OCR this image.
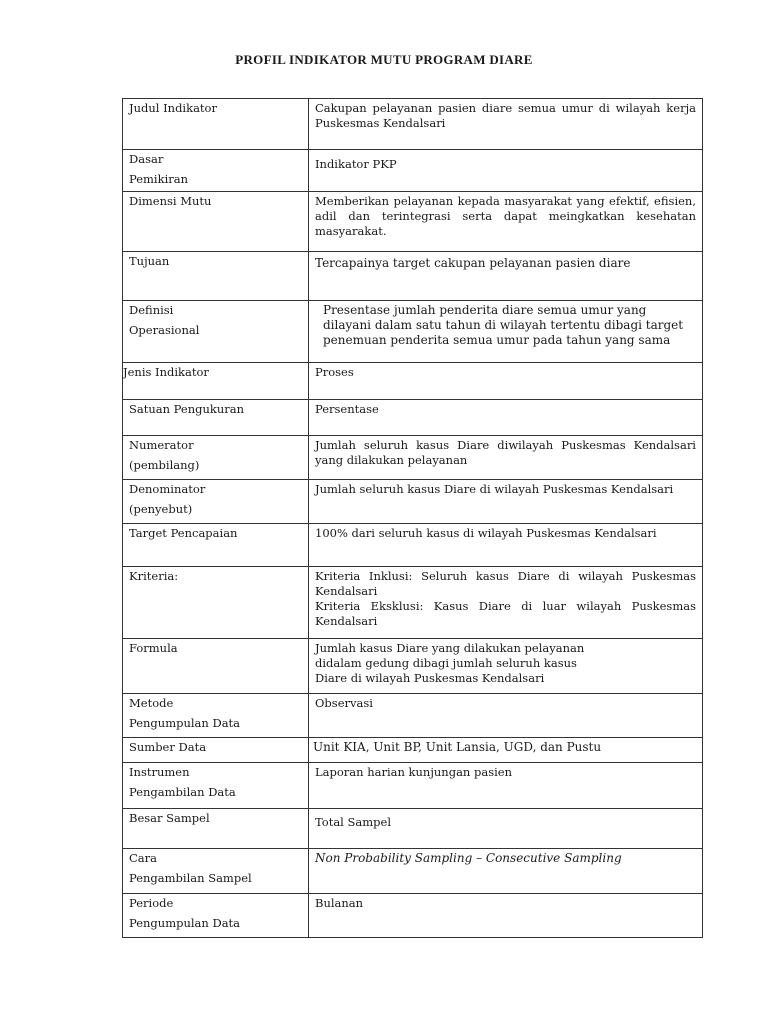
PROFIL INDIKATOR MUTU PROGRAM DIARE
Judul Indikator	Cakupan pelayanan pasien diare semua umur di wilayah kerja Puskesmas Kendalsari

Dasar
Pemikiran	Indikator PKP

Dimensi Mutu	Memberikan pelayanan kepada masyarakat yang efektif, efisien, adil dan terintegrasi serta dapat meingkatkan kesehatan masyarakat.

Tujuan	Tercapainya target cakupan pelayanan pasien diare

Definisi
Operasional	Presentase jumlah penderita diare semua umur yang dilayani dalam satu tahun di wilayah tertentu dibagi target penemuan penderita semua umur pada tahun yang sama

Jenis Indikator	Proses

Satuan Pengukuran	Persentase

Numerator
(pembilang)	Jumlah seluruh kasus Diare diwilayah Puskesmas Kendalsari yang dilakukan pelayanan

Denominator
(penyebut)	Jumlah seluruh kasus Diare di wilayah Puskesmas Kendalsari

Target Pencapaian	100% dari seluruh kasus di wilayah Puskesmas Kendalsari

Kriteria:	Kriteria Inklusi: Seluruh kasus Diare di wilayah Puskesmas Kendalsari
Kriteria Eksklusi: Kasus Diare di luar wilayah Puskesmas Kendalsari

Formula	Jumlah kasus Diare yang dilakukan pelayanan
didalam gedung dibagi jumlah seluruh kasus
Diare di wilayah Puskesmas Kendalsari

Metode
Pengumpulan Data	Observasi

Sumber Data	Unit KIA, Unit BP, Unit Lansia, UGD, dan Pustu

Instrumen
Pengambilan Data	Laporan harian kunjungan pasien

Besar Sampel	Total Sampel

Cara
Pengambilan Sampel	Non Probability Sampling – Consecutive Sampling

Periode
Pengumpulan Data	Bulanan
